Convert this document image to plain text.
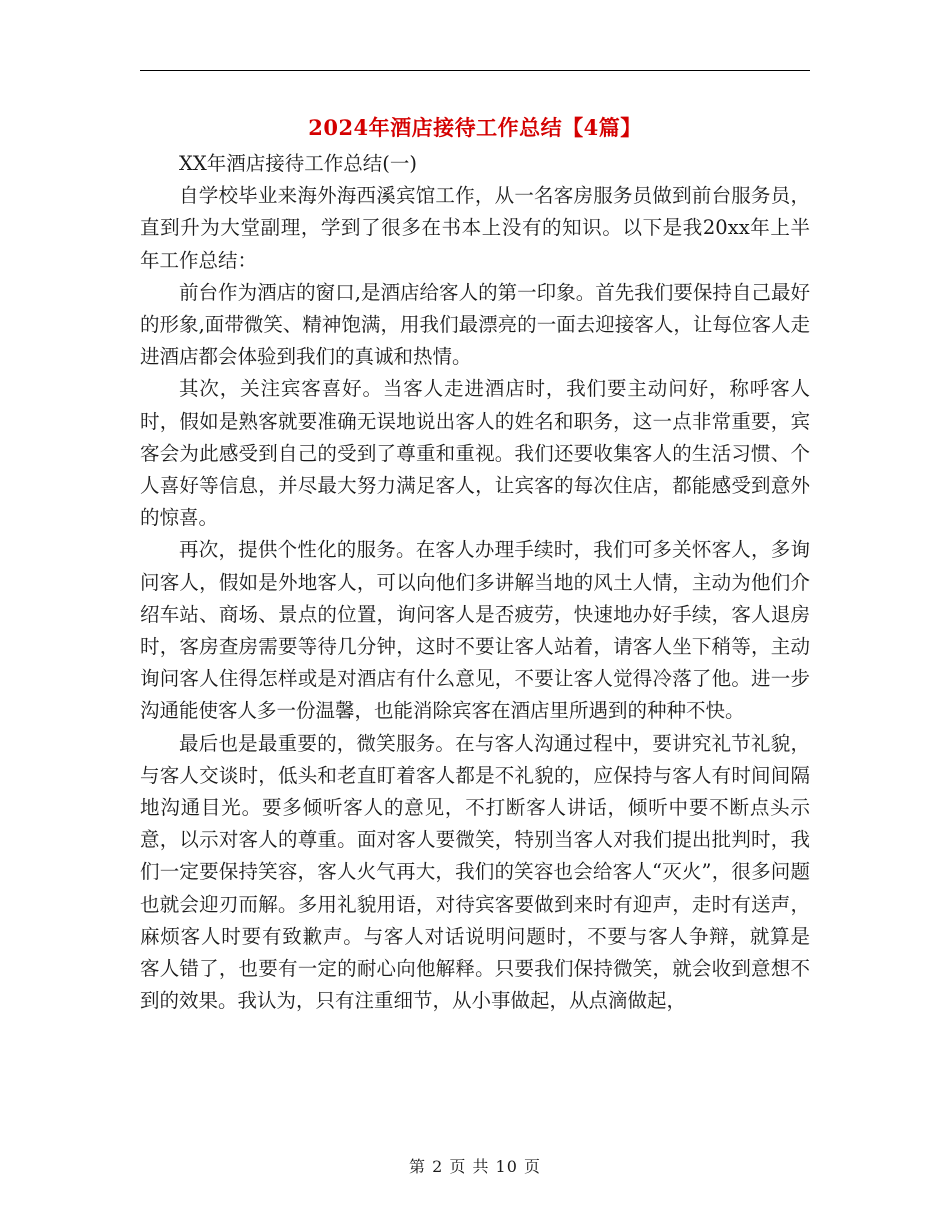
2024年酒店接待工作总结【4篇】

XX年酒店接待工作总结(一)

自学校毕业来海外海西溪宾馆工作，从一名客房服务员做到前台服务员，直到升为大堂副理，学到了很多在书本上没有的知识。以下是我20xx年上半年工作总结：

前台作为酒店的窗口,是酒店给客人的第一印象。首先我们要保持自己最好的形象,面带微笑、精神饱满，用我们最漂亮的一面去迎接客人，让每位客人走进酒店都会体验到我们的真诚和热情。

其次，关注宾客喜好。当客人走进酒店时，我们要主动问好，称呼客人时，假如是熟客就要准确无误地说出客人的姓名和职务，这一点非常重要，宾客会为此感受到自己的受到了尊重和重视。我们还要收集客人的生活习惯、个人喜好等信息，并尽最大努力满足客人，让宾客的每次住店，都能感受到意外的惊喜。

再次，提供个性化的服务。在客人办理手续时，我们可多关怀客人，多询问客人，假如是外地客人，可以向他们多讲解当地的风土人情，主动为他们介绍车站、商场、景点的位置，询问客人是否疲劳，快速地办好手续，客人退房时，客房查房需要等待几分钟，这时不要让客人站着，请客人坐下稍等，主动询问客人住得怎样或是对酒店有什么意见，不要让客人觉得冷落了他。进一步沟通能使客人多一份温馨，也能消除宾客在酒店里所遇到的种种不快。

最后也是最重要的，微笑服务。在与客人沟通过程中，要讲究礼节礼貌，与客人交谈时，低头和老直盯着客人都是不礼貌的，应保持与客人有时间间隔地沟通目光。要多倾听客人的意见，不打断客人讲话，倾听中要不断点头示意，以示对客人的尊重。面对客人要微笑，特别当客人对我们提出批判时，我们一定要保持笑容，客人火气再大，我们的笑容也会给客人“灭火”，很多问题也就会迎刃而解。多用礼貌用语，对待宾客要做到来时有迎声，走时有送声，麻烦客人时要有致歉声。与客人对话说明问题时，不要与客人争辩，就算是　　客人错了，也要有一定的耐心向他解释。只要我们保持微笑，就会收到意想不到的效果。我认为，只有注重细节，从小事做起，从点滴做起，

第 2 页 共 10 页
